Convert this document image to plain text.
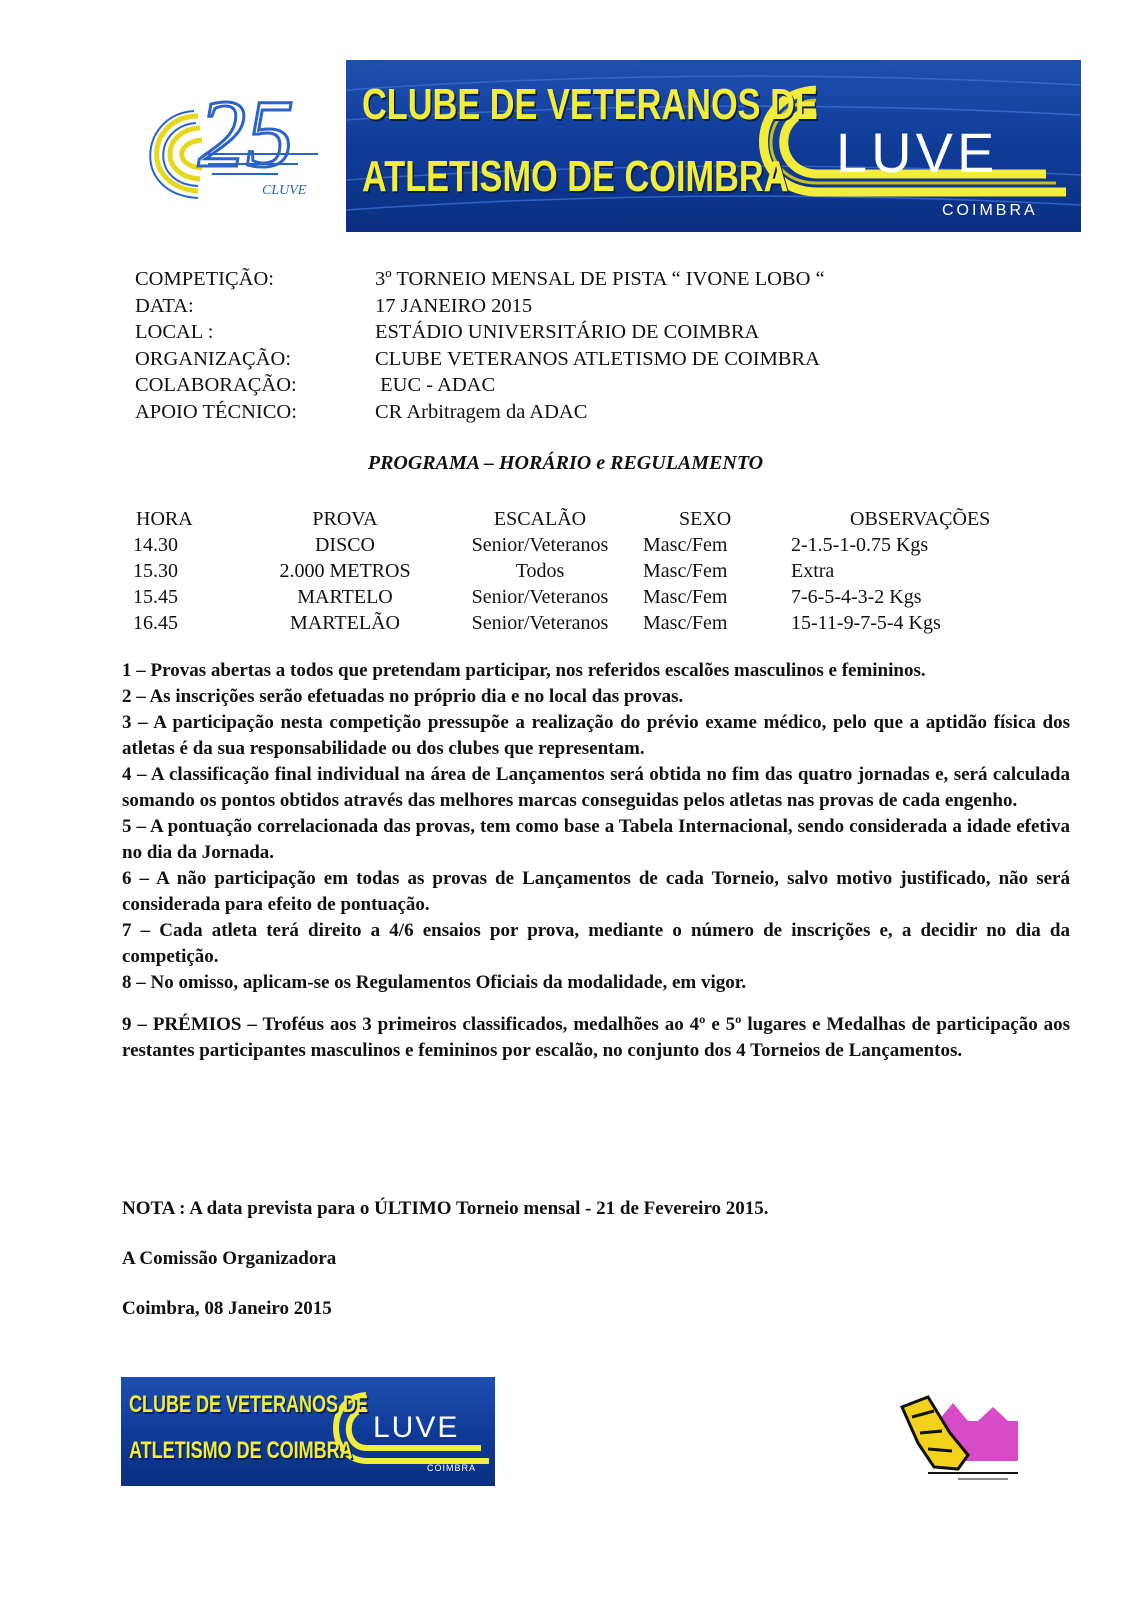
25
CLUVE
CLUBE DE VETERANOS DE
ATLETISMO DE COIMBRA LUVE
COIMBRA
COMPETIÇÃO:	3º TORNEIO MENSAL DE PISTA “ IVONE LOBO “
DATA:	17 JANEIRO 2015
LOCAL :	ESTÁDIO UNIVERSITÁRIO DE COIMBRA
ORGANIZAÇÃO:	CLUBE VETERANOS ATLETISMO DE COIMBRA
COLABORAÇÃO:	EUC - ADAC
APOIO TÉCNICO:	CR Arbitragem da ADAC
PROGRAMA – HORÁRIO e REGULAMENTO
HORA	PROVA	ESCALÃO	SEXO	OBSERVAÇÕES
14.30	DISCO	Senior/Veteranos	Masc/Fem	2-1.5-1-0.75 Kgs
15.30	2.000 METROS	Todos	Masc/Fem	Extra
15.45	MARTELO	Senior/Veteranos	Masc/Fem	7-6-5-4-3-2 Kgs
16.45	MARTELÃO	Senior/Veteranos	Masc/Fem	15-11-9-7-5-4 Kgs

1 – Provas abertas a todos que pretendam participar, nos referidos escalões masculinos e femininos.

2 – As inscrições serão efetuadas no próprio dia e no local das provas.

3 – A participação nesta competição pressupõe a realização do prévio exame médico, pelo que a aptidão física dos atletas é da sua responsabilidade ou dos clubes que representam.

4 – A classificação final individual na área de Lançamentos será obtida no fim das quatro jornadas e, será calculada somando os pontos obtidos através das melhores marcas conseguidas pelos atletas nas provas de cada engenho.

5 – A pontuação correlacionada das provas, tem como base a Tabela Internacional, sendo considerada a idade efetiva no dia da Jornada.

6 – A não participação em todas as provas de Lançamentos de cada Torneio, salvo motivo justificado, não será considerada para efeito de pontuação.

7 – Cada atleta terá direito a 4/6 ensaios por prova, mediante o número de inscrições e, a decidir no dia da competição.

8 – No omisso, aplicam-se os Regulamentos Oficiais da modalidade, em vigor.

9 – PRÉMIOS – Troféus aos 3 primeiros classificados, medalhões ao 4º e 5º lugares e Medalhas de participação aos restantes participantes masculinos e femininos por escalão, no conjunto dos 4 Torneios de Lançamentos.

NOTA : A data prevista para o ÚLTIMO Torneio mensal - 21 de Fevereiro 2015.
A Comissão Organizadora
Coimbra, 08 Janeiro 2015
CLUBE DE VETERANOS DE
ATLETISMO DE COIMBRA
LUVE
COIMBRA
